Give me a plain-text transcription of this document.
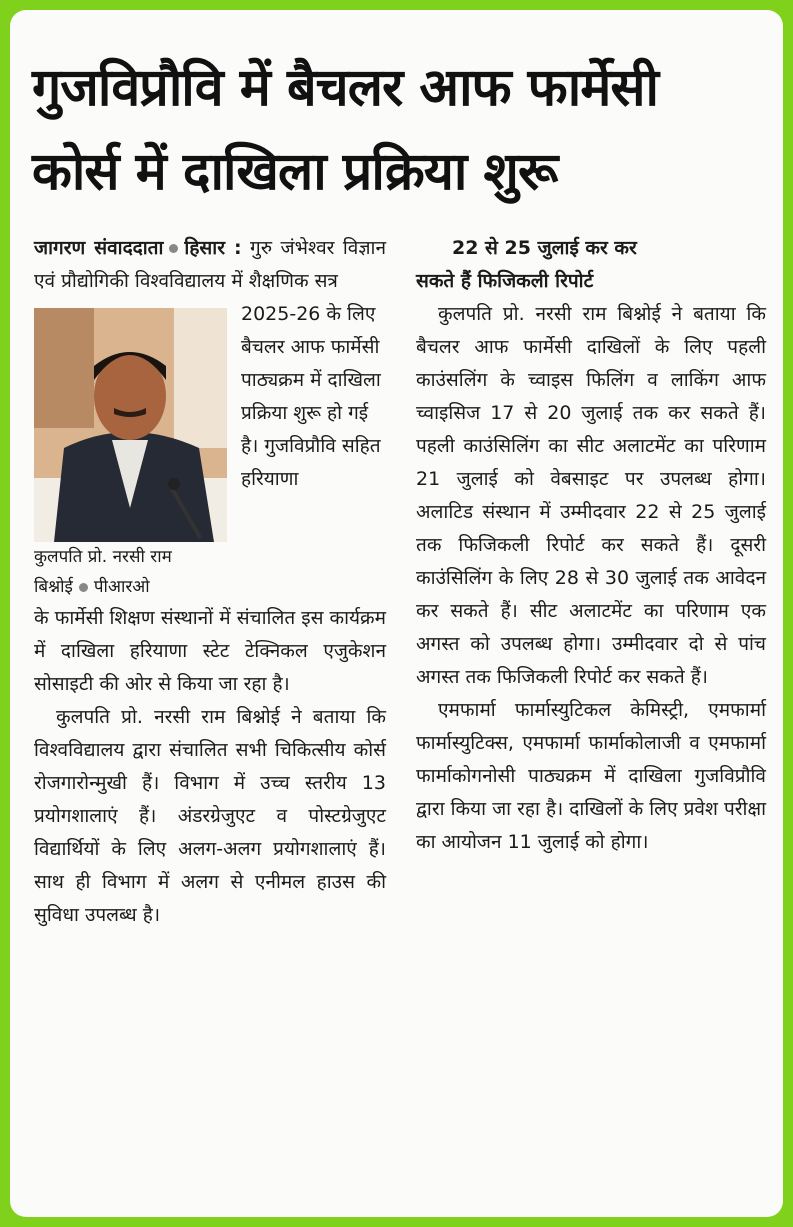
गुजविप्रौवि में बैचलर आफ फार्मेसी
कोर्स में दाखिला प्रक्रिया शुरू

जागरण संवाददाता हिसार : गुरु जंभेश्वर विज्ञान एवं प्रौद्योगिकी विश्वविद्यालय में शैक्षणिक सत्र

2025-26 के लिए बैचलर आफ फार्मेसी पाठ्यक्रम में दाखिला प्रक्रिया शुरू हो गई है। गुजविप्रौवि सहित हरियाणा

कुलपति प्रो. नरसी राम
बिश्नोई पीआरओ

के फार्मेसी शिक्षण संस्थानों में संचालित इस कार्यक्रम में दाखिला हरियाणा स्टेट टेक्निकल एजुकेशन सोसाइटी की ओर से किया जा रहा है।

कुलपति प्रो. नरसी राम बिश्नोई ने बताया कि विश्वविद्यालय द्वारा संचालित सभी चिकित्सीय कोर्स रोजगारोन्मुखी हैं। विभाग में उच्च स्तरीय 13 प्रयोगशालाएं हैं। अंडरग्रेजुएट व पोस्टग्रेजुएट विद्यार्थियों के लिए अलग-अलग प्रयोगशालाएं हैं। साथ ही विभाग में अलग से एनीमल हाउस की सुविधा उपलब्ध है।

22 से 25 जुलाई कर कर

सकते हैं फिजिकली रिपोर्ट

कुलपति प्रो. नरसी राम बिश्नोई ने बताया कि बैचलर आफ फार्मेसी दाखिलों के लिए पहली काउंसलिंग के च्वाइस फिलिंग व लाकिंग आफ च्वाइसिज 17 से 20 जुलाई तक कर सकते हैं। पहली काउंसिलिंग का सीट अलाटमेंट का परिणाम 21 जुलाई को वेबसाइट पर उपलब्ध होगा। अलाटिड संस्थान में उम्मीदवार 22 से 25 जुलाई तक फिजिकली रिपोर्ट कर सकते हैं। दूसरी काउंसिलिंग के लिए 28 से 30 जुलाई तक आवेदन कर सकते हैं। सीट अलाटमेंट का परिणाम एक अगस्त को उपलब्ध होगा। उम्मीदवार दो से पांच अगस्त तक फिजिकली रिपोर्ट कर सकते हैं।

एमफार्मा फार्मास्युटिकल केमिस्ट्री, एमफार्मा फार्मास्युटिक्स, एमफार्मा फार्माकोलाजी व एमफार्मा फार्माकोगनोसी पाठ्यक्रम में दाखिला गुजविप्रौवि द्वारा किया जा रहा है। दाखिलों के लिए प्रवेश परीक्षा का आयोजन 11 जुलाई को होगा।
